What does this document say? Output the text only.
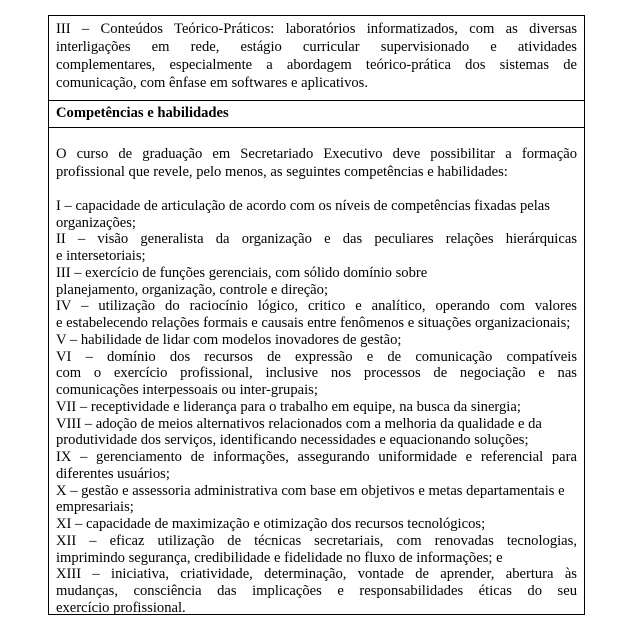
III – Conteúdos Teórico-Práticos: laboratórios informatizados, com as diversas
interligações em rede, estágio curricular supervisionado e atividades
complementares, especialmente a abordagem teórico-prática dos sistemas de
comunicação, com ênfase em softwares e aplicativos.
Competências e habilidades
O curso de graduação em Secretariado Executivo deve possibilitar a formação
profissional que revele, pelo menos, as seguintes competências e habilidades:
I – capacidade de articulação de acordo com os níveis de competências fixadas pelas
organizações;
II – visão generalista da organização e das peculiares relações hierárquicas
e intersetoriais;
III – exercício de funções gerenciais, com sólido domínio sobre
planejamento, organização, controle e direção;
IV – utilização do raciocínio lógico, critico e analítico, operando com valores
e estabelecendo relações formais e causais entre fenômenos e situações organizacionais;
V – habilidade de lidar com modelos inovadores de gestão;
VI – domínio dos recursos de expressão e de comunicação compatíveis
com o exercício profissional, inclusive nos processos de negociação e nas
comunicações interpessoais ou inter-grupais;
VII – receptividade e liderança para o trabalho em equipe, na busca da sinergia;
VIII – adoção de meios alternativos relacionados com a melhoria da qualidade e da
produtividade dos serviços, identificando necessidades e equacionando soluções;
IX – gerenciamento de informações, assegurando uniformidade e referencial para
diferentes usuários;
X – gestão e assessoria administrativa com base em objetivos e metas departamentais e
empresariais;
XI – capacidade de maximização e otimização dos recursos tecnológicos;
XII – eficaz utilização de técnicas secretariais, com renovadas tecnologias,
imprimindo segurança, credibilidade e fidelidade no fluxo de informações; e
XIII – iniciativa, criatividade, determinação, vontade de aprender, abertura às
mudanças, consciência das implicações e responsabilidades éticas do seu
exercício profissional.
